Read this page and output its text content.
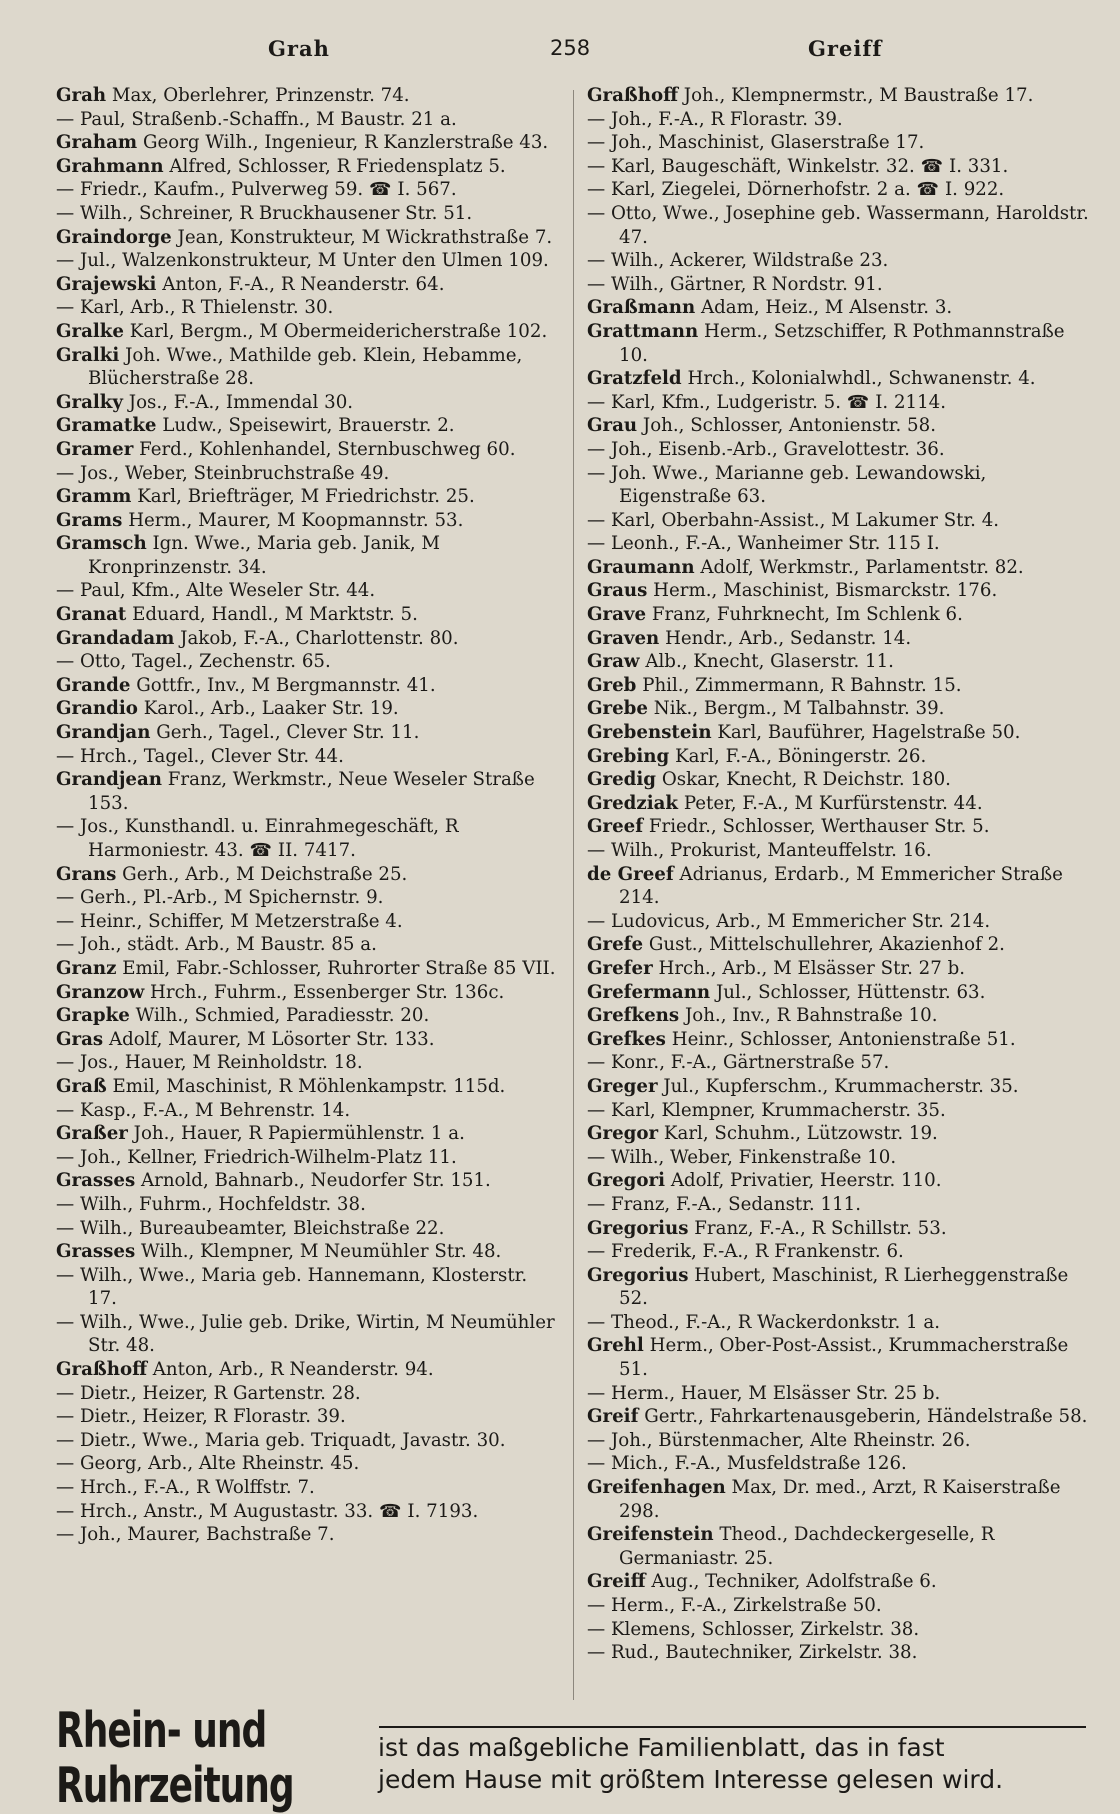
Grah	258	Greiff

Grah Max, Oberlehrer, Prinzenstr. 74.

— Paul, Straßenb.-Schaffn., M Baustr. 21 a.

Graham Georg Wilh., Ingenieur, R Kanzlerstraße 43.

Grahmann Alfred, Schlosser, R Friedensplatz 5.

— Friedr., Kaufm., Pulverweg 59. ☎ I. 567.

— Wilh., Schreiner, R Bruckhausener Str. 51.

Graindorge Jean, Konstrukteur, M Wickrathstraße 7.

— Jul., Walzenkonstrukteur, M Unter den Ulmen 109.

Grajewski Anton, F.-A., R Neanderstr. 64.

— Karl, Arb., R Thielenstr. 30.

Gralke Karl, Bergm., M Obermeidericherstraße 102.

Gralki Joh. Wwe., Mathilde geb. Klein, Hebamme, Blücherstraße 28.

Gralky Jos., F.-A., Immendal 30.

Gramatke Ludw., Speisewirt, Brauerstr. 2.

Gramer Ferd., Kohlenhandel, Sternbuschweg 60.

— Jos., Weber, Steinbruchstraße 49.

Gramm Karl, Briefträger, M Friedrichstr. 25.

Grams Herm., Maurer, M Koopmannstr. 53.

Gramsch Ign. Wwe., Maria geb. Janik, M Kronprinzenstr. 34.

— Paul, Kfm., Alte Weseler Str. 44.

Granat Eduard, Handl., M Marktstr. 5.

Grandadam Jakob, F.-A., Charlottenstr. 80.

— Otto, Tagel., Zechenstr. 65.

Grande Gottfr., Inv., M Bergmannstr. 41.

Grandio Karol., Arb., Laaker Str. 19.

Grandjan Gerh., Tagel., Clever Str. 11.

— Hrch., Tagel., Clever Str. 44.

Grandjean Franz, Werkmstr., Neue Weseler Straße 153.

— Jos., Kunsthandl. u. Einrahmegeschäft, R Harmoniestr. 43. ☎ II. 7417.

Grans Gerh., Arb., M Deichstraße 25.

— Gerh., Pl.-Arb., M Spichernstr. 9.

— Heinr., Schiffer, M Metzerstraße 4.

— Joh., städt. Arb., M Baustr. 85 a.

Granz Emil, Fabr.-Schlosser, Ruhrorter Straße 85 VII.

Granzow Hrch., Fuhrm., Essenberger Str. 136c.

Grapke Wilh., Schmied, Paradiesstr. 20.

Gras Adolf, Maurer, M Lösorter Str. 133.

— Jos., Hauer, M Reinholdstr. 18.

Graß Emil, Maschinist, R Möhlenkampstr. 115d.

— Kasp., F.-A., M Behrenstr. 14.

Graßer Joh., Hauer, R Papiermühlenstr. 1 a.

— Joh., Kellner, Friedrich-Wilhelm-Platz 11.

Grasses Arnold, Bahnarb., Neudorfer Str. 151.

— Wilh., Fuhrm., Hochfeldstr. 38.

— Wilh., Bureaubeamter, Bleichstraße 22.

Grasses Wilh., Klempner, M Neumühler Str. 48.

— Wilh., Wwe., Maria geb. Hannemann, Klosterstr. 17.

— Wilh., Wwe., Julie geb. Drike, Wirtin, M Neumühler Str. 48.

Graßhoff Anton, Arb., R Neanderstr. 94.

— Dietr., Heizer, R Gartenstr. 28.

— Dietr., Heizer, R Florastr. 39.

— Dietr., Wwe., Maria geb. Triquadt, Javastr. 30.

— Georg, Arb., Alte Rheinstr. 45.

— Hrch., F.-A., R Wolffstr. 7.

— Hrch., Anstr., M Augustastr. 33. ☎ I. 7193.

— Joh., Maurer, Bachstraße 7.

Graßhoff Joh., Klempnermstr., M Baustraße 17.

— Joh., F.-A., R Florastr. 39.

— Joh., Maschinist, Glaserstraße 17.

— Karl, Baugeschäft, Winkelstr. 32. ☎ I. 331.

— Karl, Ziegelei, Dörnerhofstr. 2 a. ☎ I. 922.

— Otto, Wwe., Josephine geb. Wassermann, Haroldstr. 47.

— Wilh., Ackerer, Wildstraße 23.

— Wilh., Gärtner, R Nordstr. 91.

Graßmann Adam, Heiz., M Alsenstr. 3.

Grattmann Herm., Setzschiffer, R Pothmannstraße 10.

Gratzfeld Hrch., Kolonialwhdl., Schwanenstr. 4.

— Karl, Kfm., Ludgeristr. 5. ☎ I. 2114.

Grau Joh., Schlosser, Antonienstr. 58.

— Joh., Eisenb.-Arb., Gravelottestr. 36.

— Joh. Wwe., Marianne geb. Lewandowski, Eigenstraße 63.

— Karl, Oberbahn-Assist., M Lakumer Str. 4.

— Leonh., F.-A., Wanheimer Str. 115 I.

Graumann Adolf, Werkmstr., Parlamentstr. 82.

Graus Herm., Maschinist, Bismarckstr. 176.

Grave Franz, Fuhrknecht, Im Schlenk 6.

Graven Hendr., Arb., Sedanstr. 14.

Graw Alb., Knecht, Glaserstr. 11.

Greb Phil., Zimmermann, R Bahnstr. 15.

Grebe Nik., Bergm., M Talbahnstr. 39.

Grebenstein Karl, Bauführer, Hagelstraße 50.

Grebing Karl, F.-A., Böningerstr. 26.

Gredig Oskar, Knecht, R Deichstr. 180.

Gredziak Peter, F.-A., M Kurfürstenstr. 44.

Greef Friedr., Schlosser, Werthauser Str. 5.

— Wilh., Prokurist, Manteuffelstr. 16.

de Greef Adrianus, Erdarb., M Emmericher Straße 214.

— Ludovicus, Arb., M Emmericher Str. 214.

Grefe Gust., Mittelschullehrer, Akazienhof 2.

Grefer Hrch., Arb., M Elsässer Str. 27 b.

Grefermann Jul., Schlosser, Hüttenstr. 63.

Grefkens Joh., Inv., R Bahnstraße 10.

Grefkes Heinr., Schlosser, Antonienstraße 51.

— Konr., F.-A., Gärtnerstraße 57.

Greger Jul., Kupferschm., Krummacherstr. 35.

— Karl, Klempner, Krummacherstr. 35.

Gregor Karl, Schuhm., Lützowstr. 19.

— Wilh., Weber, Finkenstraße 10.

Gregori Adolf, Privatier, Heerstr. 110.

— Franz, F.-A., Sedanstr. 111.

Gregorius Franz, F.-A., R Schillstr. 53.

— Frederik, F.-A., R Frankenstr. 6.

Gregorius Hubert, Maschinist, R Lierheggenstraße 52.

— Theod., F.-A., R Wackerdonkstr. 1 a.

Grehl Herm., Ober-Post-Assist., Krummacherstraße 51.

— Herm., Hauer, M Elsässer Str. 25 b.

Greif Gertr., Fahrkartenausgeberin, Händelstraße 58.

— Joh., Bürstenmacher, Alte Rheinstr. 26.

— Mich., F.-A., Musfeldstraße 126.

Greifenhagen Max, Dr. med., Arzt, R Kaiserstraße 298.

Greifenstein Theod., Dachdeckergeselle, R Germaniastr. 25.

Greiff Aug., Techniker, Adolfstraße 6.

— Herm., F.-A., Zirkelstraße 50.

— Klemens, Schlosser, Zirkelstr. 38.

— Rud., Bautechniker, Zirkelstr. 38.

Rhein- und Ruhrzeitung
ist das maßgebliche Familienblatt, das in fast
jedem Hause mit größtem Interesse gelesen wird.
